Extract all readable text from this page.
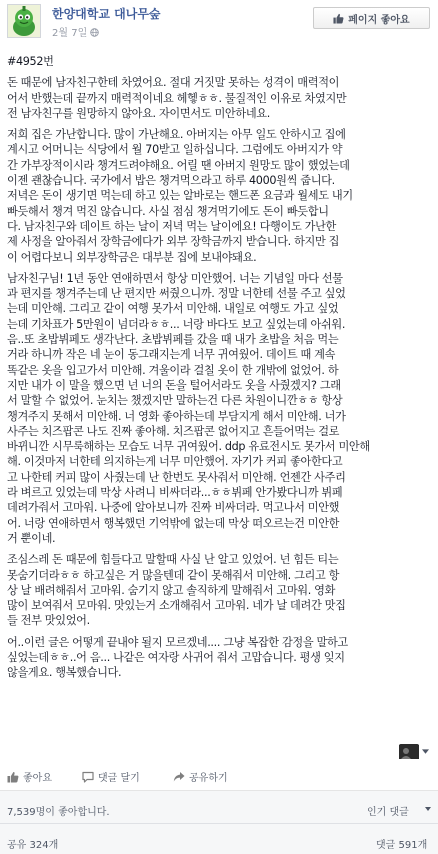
한양대학교 대나무숲
2월 7일
페이지 좋아요

#4952번

돈 때문에 남자친구한테 차였어요. 절대 거짓말 못하는 성격이 매력적이
어서 반했는데 끝까지 매력적이네요 헤헿ㅎㅎ. 물질적인 이유로 차였지만
전 남자친구를 원망하지 않아요. 자이면서도 미안하네요.

저희 집은 가난합니다. 많이 가난해요. 아버지는 아무 일도 안하시고 집에
계시고 어머니는 식당에서 월 70받고 일하십니다. 그럼에도 아버지가 약
간 가부장적이시라 챙겨드려야해요. 어릴 땐 아버지 원망도 많이 했었는데
이젠 괜찮습니다. 국가에서 밥은 챙겨먹으라고 하루 4000원씩 줍니다.
저녁은 돈이 생기면 먹는데 하고 있는 알바로는 핸드폰 요금과 월세도 내기
빠듯해서 챙겨 먹진 않습니다. 사실 점심 챙겨먹기에도 돈이 빠듯합니
다. 남자친구와 데이트 하는 날이 저녁 먹는 날이에요! 다행이도 가난한
제 사정을 알아줘서 장학금에다가 외부 장학금까지 받습니다. 하지만 집
이 어렵다보니 외부장학금은 대부분 집에 보내야돼요.

남자친구님! 1년 동안 연애하면서 항상 미안했어. 너는 기념일 마다 선물
과 편지를 챙겨주는데 난 편지만 써줬으니까. 정말 너한테 선물 주고 싶었
는데 미안해. 그리고 같이 여행 못가서 미안해. 내일로 여행도 가고 싶었
는데 기차표가 5만원이 넘더라ㅎㅎ... 너랑 바다도 보고 싶었는데 아쉬워.
음..또 초밥뷔페도 생각난다. 초밥뷔페를 갔을 때 내가 초밥을 처음 먹는
거라 하니까 작은 네 눈이 동그래지는게 너무 귀여웠어. 데이트 때 계속
똑같은 옷을 입고가서 미안해. 겨울이라 걸칠 옷이 한 개밖에 없었어. 하
지만 내가 이 말을 했으면 넌 너의 돈을 털어서라도 옷을 사줬겠지? 그래
서 말할 수 없었어. 눈치는 챘겠지만 말하는건 다른 차원이니깐ㅎㅎ 항상
챙겨주지 못해서 미안해. 너 영화 좋아하는데 부담지게 해서 미안해. 너가
사주는 치즈팝콘 나도 진짜 좋아해. 치즈팝콘 없어지고 흔들어먹는 걸로
바뀌니깐 시무룩해하는 모습도 너무 귀여웠어. ddp 유료전시도 못가서 미안해
해. 이것마저 너한테 의지하는게 너무 미안했어. 자기가 커피 좋아한다고
고 나한테 커피 많이 사줬는데 난 한번도 못사줘서 미안해. 언젠간 사주리
라 벼르고 있었는데 막상 사려니 비싸더라...ㅎㅎ뷔페 안가봤다니까 뷔페
데려가줘서 고마워. 나중에 알아보니까 진짜 비싸더라. 먹고나서 미안했
어. 너랑 연애하면서 행복했던 기억밖에 없는데 막상 떠오르는건 미안한
거 뿐이네.

조심스레 돈 때문에 힘들다고 말할때 사실 난 알고 있었어. 넌 힘든 티는
못숨기더라ㅎㅎ 하고싶은 거 많을텐데 같이 못해줘서 미안해. 그리고 항
상 날 배려해줘서 고마워. 숨기지 않고 솔직하게 말해줘서 고마워. 영화
많이 보여줘서 모마워. 맛있는거 소개해줘서 고마워. 네가 날 데려간 맛집
들 전부 맛있었어.

어..이런 글은 어떻게 끝내야 될지 모르겠네.... 그냥 복잡한 감정을 말하고
싶었는데ㅎㅎ..어 음... 나같은 여자랑 사귀어 줘서 고맙습니다. 평생 잊지
않을게요. 행복했습니다.

좋아요	댓글 달기	공유하기
7,539명이 좋아합니다.	인기 댓글
공유 324개	댓글 591개
